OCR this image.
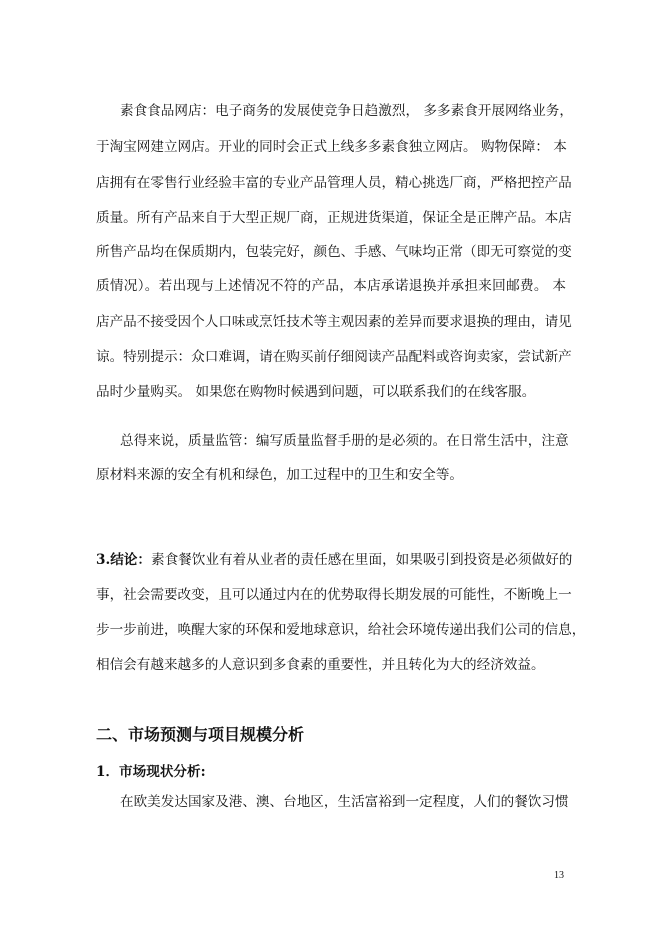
素食食品网店：电子商务的发展使竞争日趋激烈， 多多素食开展网络业务，
于淘宝网建立网店。开业的同时会正式上线多多素食独立网店。 购物保障： 本
店拥有在零售行业经验丰富的专业产品管理人员，精心挑选厂商，严格把控产品
质量。所有产品来自于大型正规厂商，正规进货渠道，保证全是正牌产品。本店
所售产品均在保质期内，包装完好，颜色、手感、气味均正常（即无可察觉的变
质情况）。若出现与上述情况不符的产品，本店承诺退换并承担来回邮费。 本
店产品不接受因个人口味或烹饪技术等主观因素的差异而要求退换的理由，请见
谅。特别提示：众口难调，请在购买前仔细阅读产品配料或咨询卖家，尝试新产
品时少量购买。 如果您在购物时候遇到问题，可以联系我们的在线客服。
总得来说，质量监管：编写质量监督手册的是必须的。在日常生活中，注意
原材料来源的安全有机和绿色，加工过程中的卫生和安全等。
3.结论：素食餐饮业有着从业者的责任感在里面，如果吸引到投资是必须做好的
事，社会需要改变，且可以通过内在的优势取得长期发展的可能性，不断晚上一
步一步前进，唤醒大家的环保和爱地球意识，给社会环境传递出我们公司的信息，
相信会有越来越多的人意识到多食素的重要性，并且转化为大的经济效益。
二、市场预测与项目规模分析
1．市场现状分析:
在欧美发达国家及港、澳、台地区，生活富裕到一定程度，人们的餐饮习惯
13
